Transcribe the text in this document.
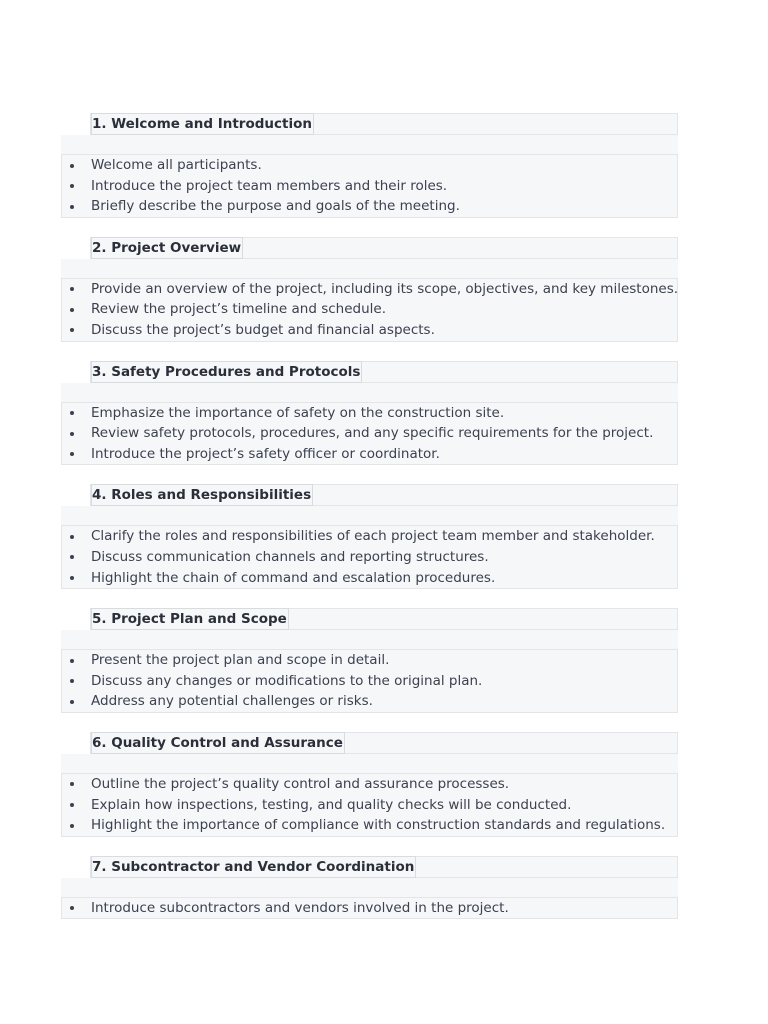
1. Welcome and Introduction
Welcome all participants.
Introduce the project team members and their roles.
Briefly describe the purpose and goals of the meeting.
2. Project Overview
Provide an overview of the project, including its scope, objectives, and key milestones.
Review the project’s timeline and schedule.
Discuss the project’s budget and financial aspects.
3. Safety Procedures and Protocols
Emphasize the importance of safety on the construction site.
Review safety protocols, procedures, and any specific requirements for the project.
Introduce the project’s safety officer or coordinator.
4. Roles and Responsibilities
Clarify the roles and responsibilities of each project team member and stakeholder.
Discuss communication channels and reporting structures.
Highlight the chain of command and escalation procedures.
5. Project Plan and Scope
Present the project plan and scope in detail.
Discuss any changes or modifications to the original plan.
Address any potential challenges or risks.
6. Quality Control and Assurance
Outline the project’s quality control and assurance processes.
Explain how inspections, testing, and quality checks will be conducted.
Highlight the importance of compliance with construction standards and regulations.
7. Subcontractor and Vendor Coordination
Introduce subcontractors and vendors involved in the project.
